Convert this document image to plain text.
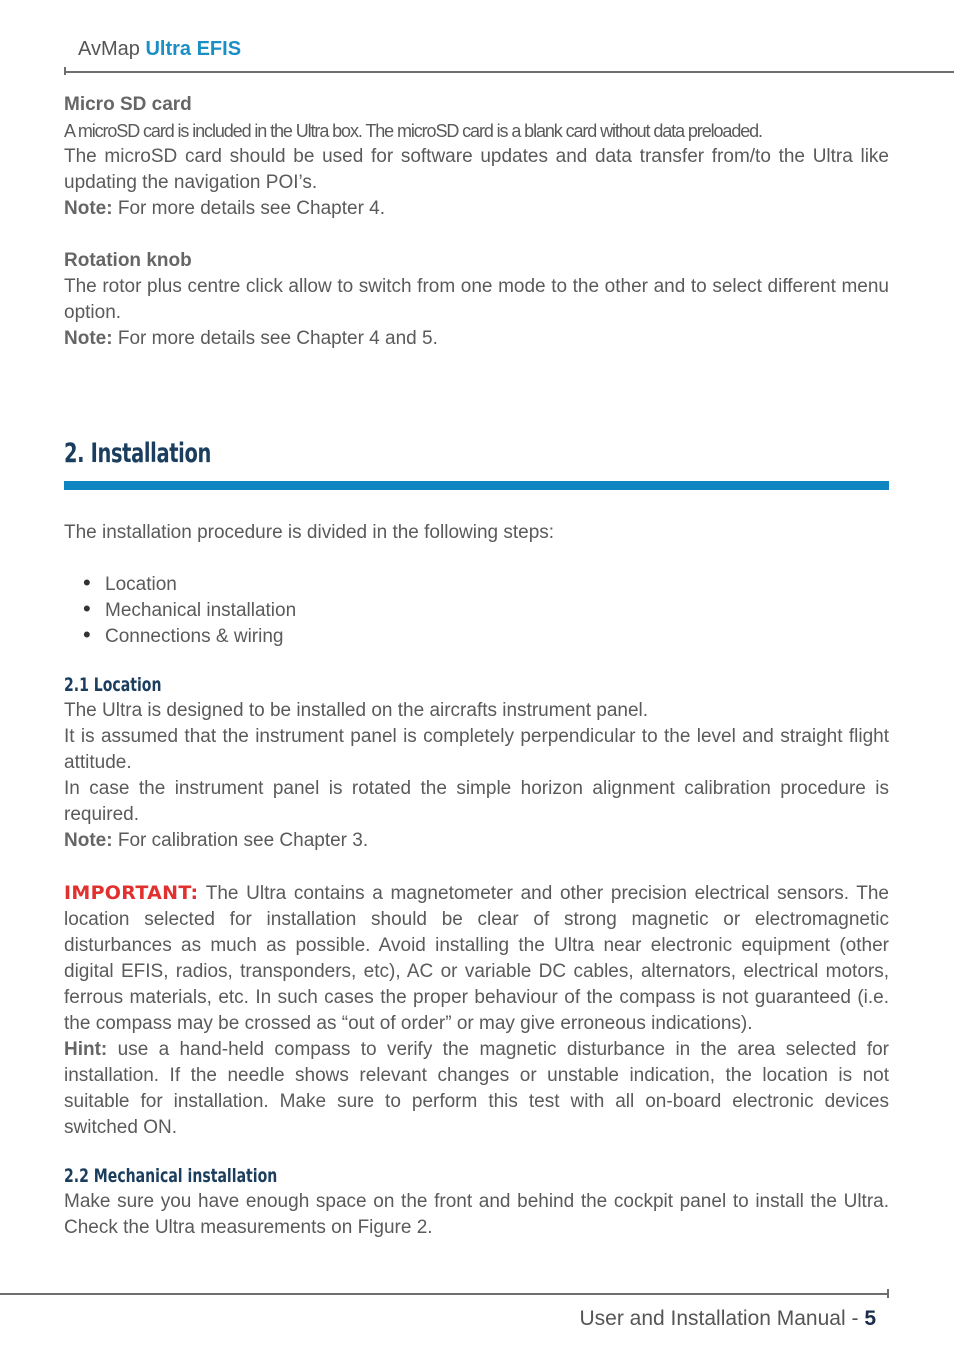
AvMap Ultra EFIS
Micro SD card

A microSD card is included in the Ultra box. The microSD card is a blank card without data preloaded.

The microSD card should be used for software updates and data transfer from/to the Ultra like updating the navigation POI’s.

Note: For more details see Chapter 4.

Rotation knob

The rotor plus centre click allow to switch from one mode to the other and to select different menu option.

Note: For more details see Chapter 4 and 5.

2. Installation

The installation procedure is divided in the following steps:

• Location
• Mechanical installation
• Connections & wiring
2.1 Location

The Ultra is designed to be installed on the aircrafts instrument panel.

It is assumed that the instrument panel is completely perpendicular to the level and straight flight attitude.

In case the instrument panel is rotated the simple horizon alignment calibration procedure is required.

Note: For calibration see Chapter 3.

IMPORTANT: The Ultra contains a magnetometer and other precision electrical sensors. The location selected for installation should be clear of strong magnetic or electromagnetic disturbances as much as possible. Avoid installing the Ultra near electronic equipment (other digital EFIS, radios, transponders, etc), AC or variable DC cables, alternators, electrical motors, ferrous materials, etc. In such cases the proper behaviour of the compass is not guaranteed (i.e. the compass may be crossed as “out of order” or may give erroneous indications).

Hint: use a hand-held compass to verify the magnetic disturbance in the area selected for installation. If the needle shows relevant changes or unstable indication, the location is not suitable for installation. Make sure to perform this test with all on-board electronic devices switched ON.

2.2 Mechanical installation

Make sure you have enough space on the front and behind the cockpit panel to install the Ultra. Check the Ultra measurements on Figure 2.

User and Installation Manual - 5
